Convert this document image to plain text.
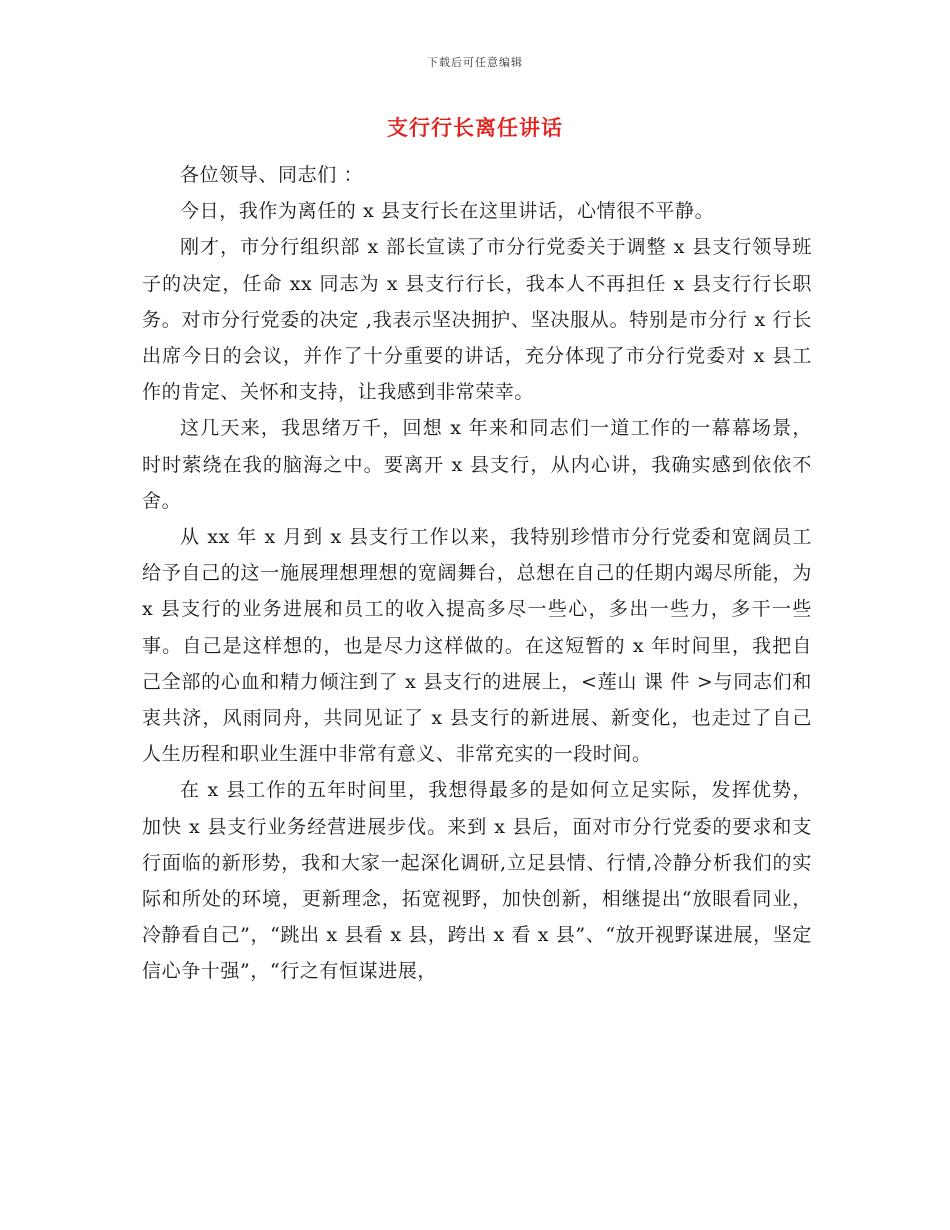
下载后可任意编辑
支行行长离任讲话

各位领导、同志们 ：

今日，我作为离任的 x 县支行长在这里讲话，心情很不平静。

刚才，市分行组织部 x 部长宣读了市分行党委关于调整 x 县支行领导班子的决定，任命 xx 同志为 x 县支行行长，我本人不再担任 x 县支行行长职务。对市分行党委的决定 ,我表示坚决拥护、坚决服从。特别是市分行 x 行长出席今日的会议，并作了十分重要的讲话，充分体现了市分行党委对 x 县工作的肯定、关怀和支持，让我感到非常荣幸。

这几天来，我思绪万千，回想 x 年来和同志们一道工作的一幕幕场景，时时萦绕在我的脑海之中。要离开 x 县支行，从内心讲，我确实感到依依不舍。

从 xx 年 x 月到 x 县支行工作以来，我特别珍惜市分行党委和宽阔员工给予自己的这一施展理想理想的宽阔舞台，总想在自己的任期内竭尽所能，为 x 县支行的业务进展和员工的收入提高多尽一些心，多出一些力，多干一些事。自己是这样想的，也是尽力这样做的。在这短暂的 x 年时间里，我把自己全部的心血和精力倾注到了 x 县支行的进展上，<莲山 课 件 >与同志们和衷共济，风雨同舟，共同见证了 x 县支行的新进展、新变化，也走过了自己人生历程和职业生涯中非常有意义、非常充实的一段时间。

在 x 县工作的五年时间里，我想得最多的是如何立足实际，发挥优势，加快 x 县支行业务经营进展步伐。来到 x 县后，面对市分行党委的要求和支行面临的新形势，我和大家一起深化调研,立足县情、行情,冷静分析我们的实际和所处的环境，更新理念，拓宽视野，加快创新，相继提出“放眼看同业，冷静看自己”，“跳出 x 县看 x 县，跨出 x 看 x 县”、“放开视野谋进展，坚定信心争十强”，“行之有恒谋进展，
